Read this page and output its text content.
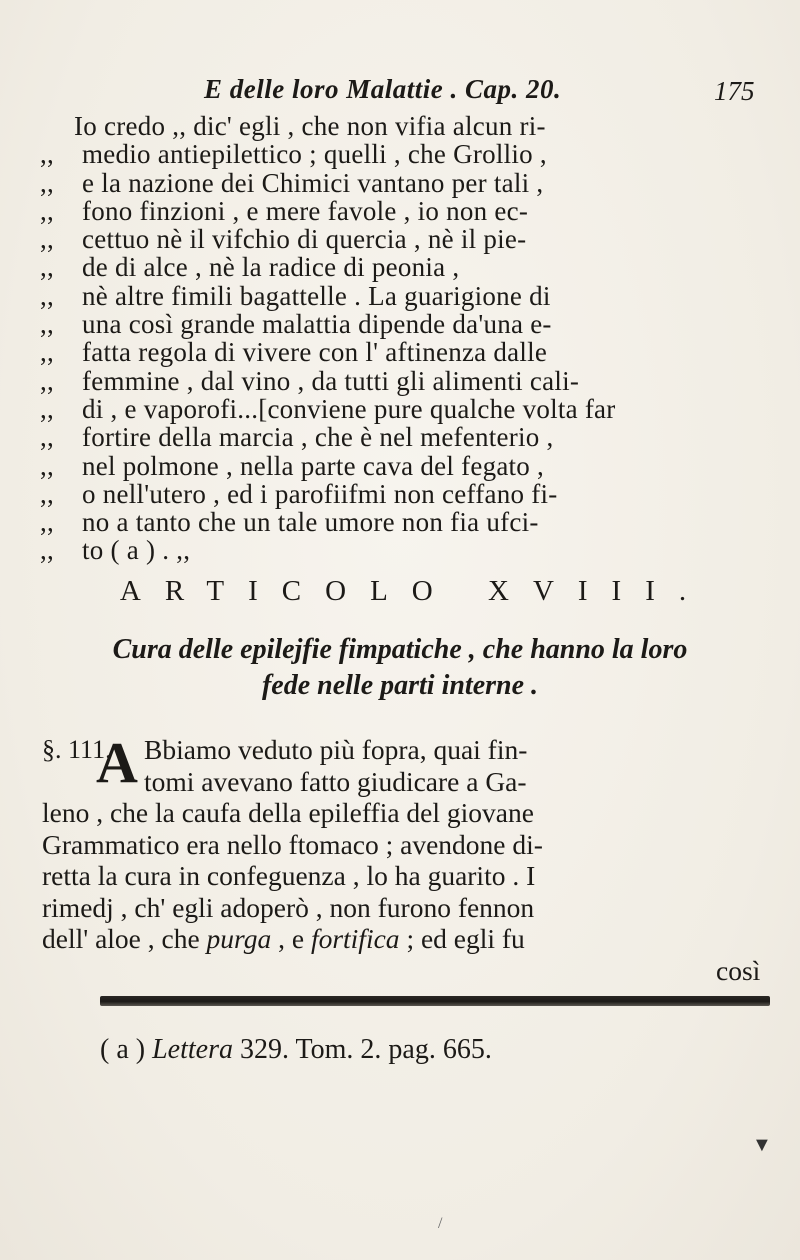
E delle loro Malattie . Cap. 20.	175
Io credo ,, dic' egli , che non vifia alcun ri-
,,	medio antiepilettico ; quelli , che Grollio ,
,,	e la nazione dei Chimici vantano per tali ,
,,	fono finzioni , e mere favole , io non ec-
,,	cettuo nè il vifchio di quercia , nè il pie-
,,	de di alce , nè la radice di peonia ,
,,	nè altre fimili bagattelle . La guarigione di
,,	una così grande malattia dipende da'una e-
,,	fatta regola di vivere con l' aftinenza dalle
,,	femmine , dal vino , da tutti gli alimenti cali-
,,	di , e vaporofi...[conviene pure qualche volta far
,,	fortire della marcia , che è nel mefenterio ,
,,	nel polmone , nella parte cava del fegato ,
,,	o nell'utero , ed i parofiifmi non ceffano fi-
,,	no a tanto che un tale umore non fia ufci-
,,	to ( a ) . ,,
ARTICOLO XVIII.
Cura delle epilejfie fimpatiche , che hanno la loro
fede nelle parti interne .
§. 111.
A Bbiamo veduto più fopra, quai fin-
tomi avevano fatto giudicare a Ga-
leno , che la caufa della epileffia del giovane
Grammatico era nello ftomaco ; avendone di-
retta la cura in confeguenza , lo ha guarito . I
rimedj , ch' egli adoperò , non furono fennon
dell' aloe , che purga , e fortifica ; ed egli fu
così
( a ) Lettera 329. Tom. 2. pag. 665.
▼
/
